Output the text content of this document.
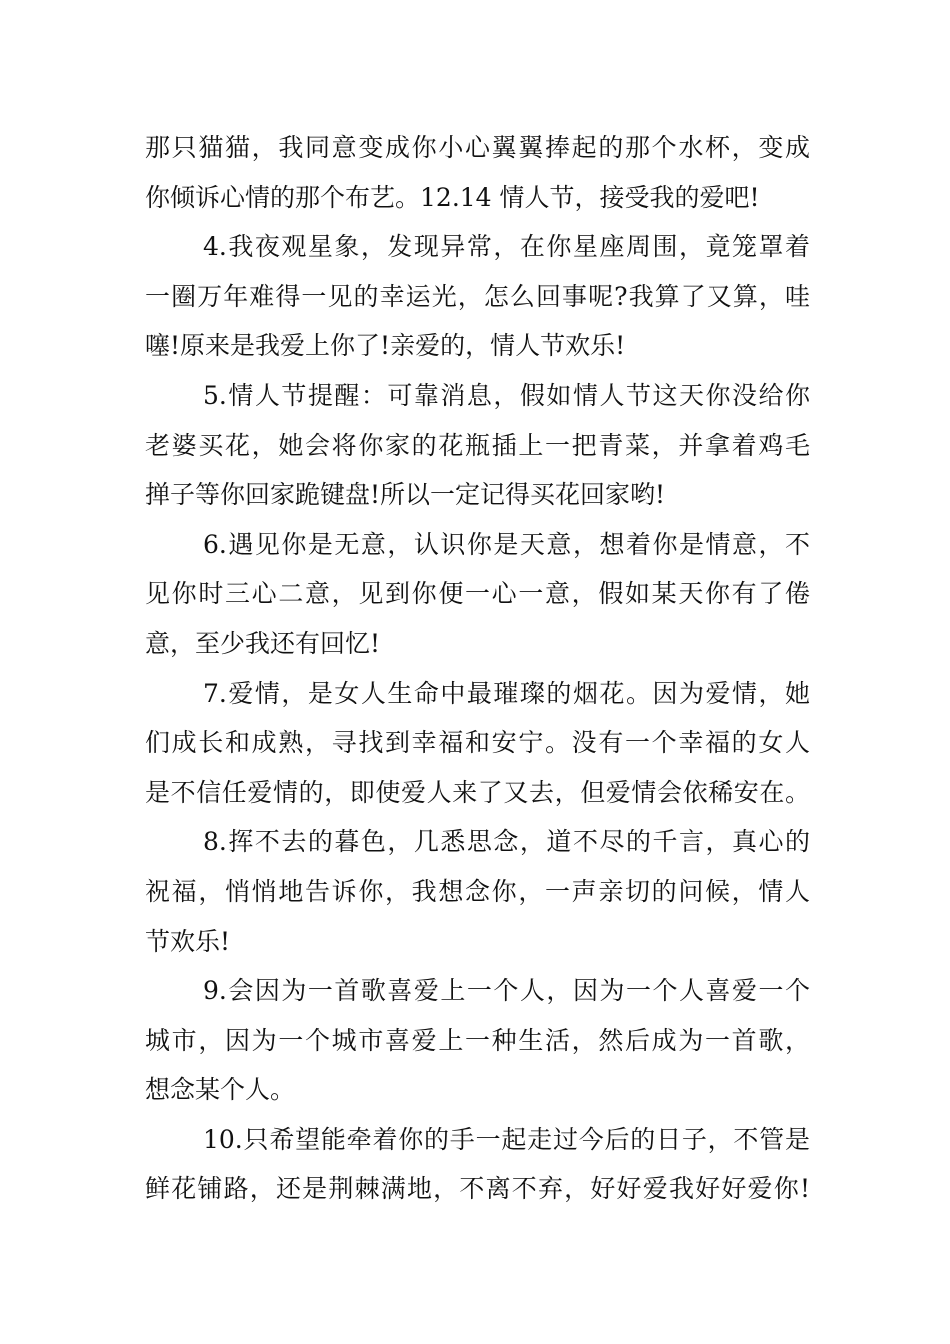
那只猫猫，我同意变成你小心翼翼捧起的那个水杯，变成
你倾诉心情的那个布艺。12.14 情人节，接受我的爱吧!

4.我夜观星象，发现异常，在你星座周围，竟笼罩着
一圈万年难得一见的幸运光，怎么回事呢?我算了又算，哇
噻!原来是我爱上你了!亲爱的，情人节欢乐!

5.情人节提醒：可靠消息，假如情人节这天你没给你
老婆买花，她会将你家的花瓶插上一把青菜，并拿着鸡毛
掸子等你回家跪键盘!所以一定记得买花回家哟!

6.遇见你是无意，认识你是天意，想着你是情意，不
见你时三心二意，见到你便一心一意，假如某天你有了倦
意，至少我还有回忆!

7.爱情，是女人生命中最璀璨的烟花。因为爱情，她
们成长和成熟，寻找到幸福和安宁。没有一个幸福的女人
是不信任爱情的，即使爱人来了又去，但爱情会依稀安在。

8.挥不去的暮色，几悉思念，道不尽的千言，真心的
祝福，悄悄地告诉你，我想念你，一声亲切的问候，情人
节欢乐!

9.会因为一首歌喜爱上一个人，因为一个人喜爱一个
城市，因为一个城市喜爱上一种生活，然后成为一首歌，
想念某个人。

10.只希望能牵着你的手一起走过今后的日子，不管是
鲜花铺路，还是荆棘满地，不离不弃，好好爱我好好爱你!
